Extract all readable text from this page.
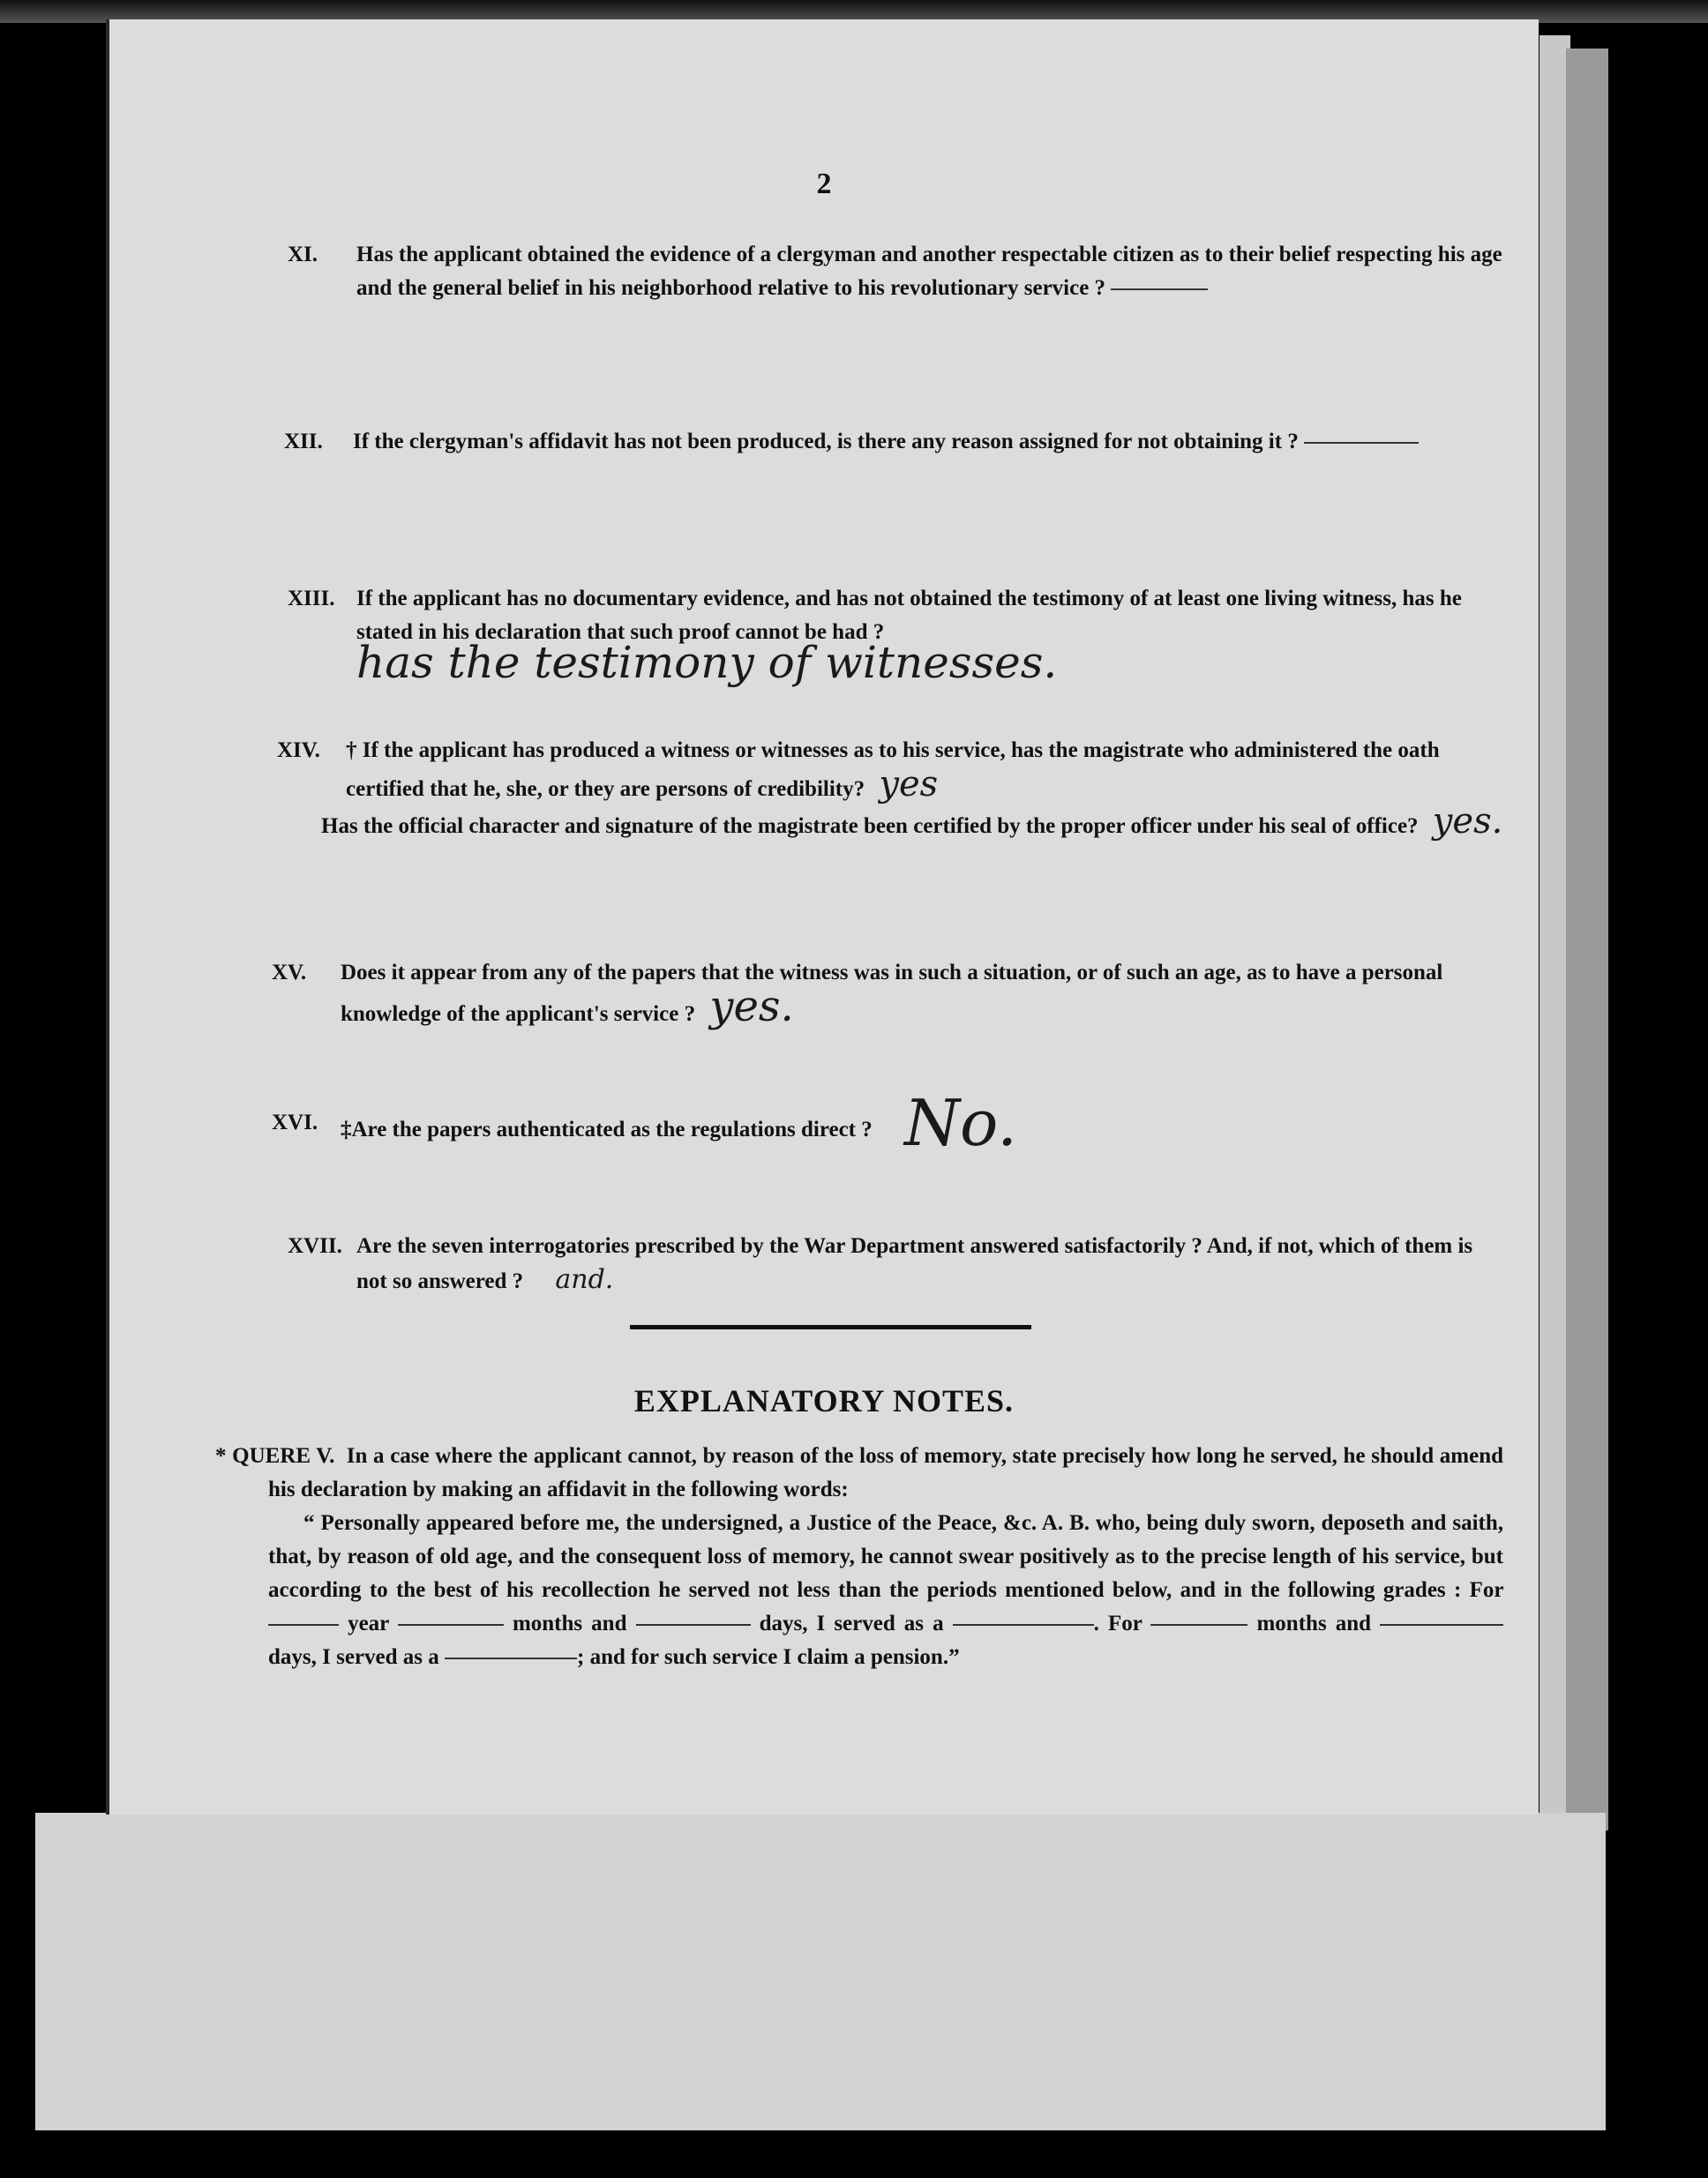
2
XI. Has the applicant obtained the evidence of a clergyman and another respectable citizen as to their belief respecting his age and the general belief in his neighborhood relative to his revolutionary service ?
XII. If the clergyman's affidavit has not been produced, is there any reason assigned for not obtaining it ?
XIII. If the applicant has no documentary evidence, and has not obtained the testimony of at least one living witness, has he stated in his declaration that such proof cannot be had ?
has the testimony of witnesses.
XIV. † If the applicant has produced a witness or witnesses as to his service, has the magistrate who administered the oath certified that he, she, or they are persons of credibility? yes
Has the official character and signature of the magistrate been certified by the proper officer under his seal of office? yes.
XV. Does it appear from any of the papers that the witness was in such a situation, or of such an age, as to have a personal knowledge of the applicant's service ? yes.
XVI. ‡Are the papers authenticated as the regulations direct ? No.
XVII. Are the seven interrogatories prescribed by the War Department answered satisfactorily ? And, if not, which of them is not so answered ? and.
EXPLANATORY NOTES.

* QUERE V. In a case where the applicant cannot, by reason of the loss of memory, state precisely how long he served, he should amend his declaration by making an affidavit in the following words:

“ Personally appeared before me, the undersigned, a Justice of the Peace, &c. A. B. who, being duly sworn, deposeth and saith, that, by reason of old age, and the consequent loss of memory, he cannot swear positively as to the precise length of his service, but according to the best of his recollection he served not less than the periods mentioned below, and in the following grades : For  year	months and	days, I served as a	. For	months and  days, I served as a	; and for such service I claim a pension.”
